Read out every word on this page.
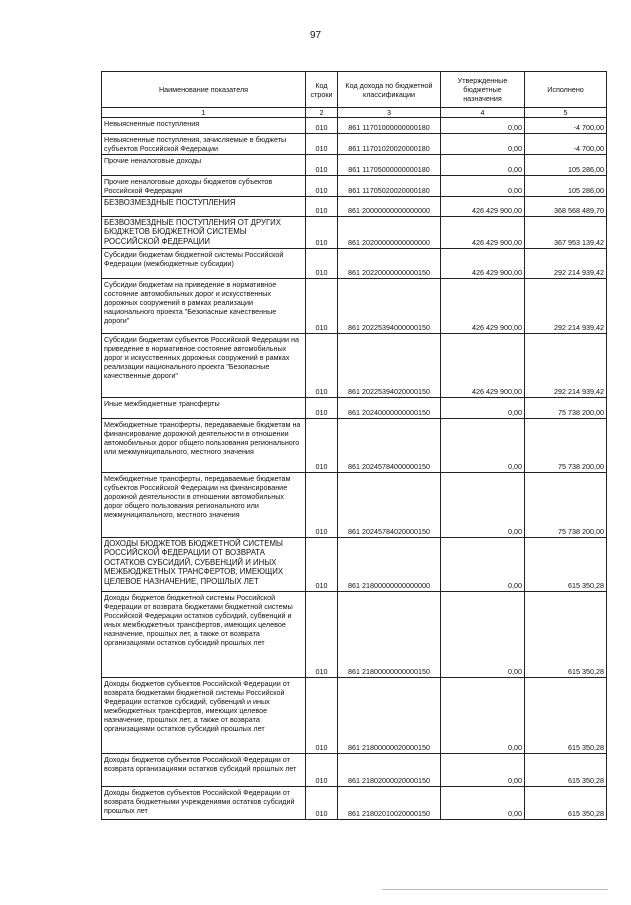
97
Наименование показателя	Код строки	Код дохода по бюджетной классификации	Утвержденные бюджетные назначения	Исполнено
1	2	3	4	5
Невыясненные поступления	010	861 11701000000000180	0,00	-4 700,00
Невыясненные поступления, зачисляемые в бюджеты субъектов Российской Федерации	010	861 11701020020000180	0,00	-4 700,00
Прочие неналоговые доходы	010	861 11705000000000180	0,00	105 286,00
Прочие неналоговые доходы бюджетов субъектов Российской Федерации	010	861 11705020020000180	0,00	105 286,00
БЕЗВОЗМЕЗДНЫЕ ПОСТУПЛЕНИЯ	010	861 20000000000000000	426 429 900,00	368 568 489,70
БЕЗВОЗМЕЗДНЫЕ ПОСТУПЛЕНИЯ ОТ ДРУГИХ БЮДЖЕТОВ БЮДЖЕТНОЙ СИСТЕМЫ РОССИЙСКОЙ ФЕДЕРАЦИИ	010	861 20200000000000000	426 429 900,00	367 953 139,42
Субсидии бюджетам бюджетной системы Российской Федерации (межбюджетные субсидии)	010	861 20220000000000150	426 429 900,00	292 214 939,42
Субсидии бюджетам на приведение в нормативное состояние автомобильных дорог и искусственных дорожных сооружений в рамках реализации национального проекта "Безопасные качественные дороги"	010	861 20225394000000150	426 429 900,00	292 214 939,42
Субсидии бюджетам субъектов Российской Федерации на приведение в нормативное состояние автомобильных дорог и искусственных дорожных сооружений в рамках реализации национального проекта "Безопасные качественные дороги"	010	861 20225394020000150	426 429 900,00	292 214 939,42
Иные межбюджетные трансферты	010	861 20240000000000150	0,00	75 738 200,00
Межбюджетные трансферты, передаваемые бюджетам на финансирование дорожной деятельности в отношении автомобильных дорог общего пользования регионального или межмуниципального, местного значения	010	861 20245784000000150	0,00	75 738 200,00
Межбюджетные трансферты, передаваемые бюджетам субъектов Российской Федерации на финансирование дорожной деятельности в отношении автомобильных дорог общего пользования регионального или межмуниципального, местного значения	010	861 20245784020000150	0,00	75 738 200,00
ДОХОДЫ БЮДЖЕТОВ БЮДЖЕТНОЙ СИСТЕМЫ РОССИЙСКОЙ ФЕДЕРАЦИИ ОТ ВОЗВРАТА ОСТАТКОВ СУБСИДИЙ, СУБВЕНЦИЙ И ИНЫХ МЕЖБЮДЖЕТНЫХ ТРАНСФЕРТОВ, ИМЕЮЩИХ ЦЕЛЕВОЕ НАЗНАЧЕНИЕ, ПРОШЛЫХ ЛЕТ	010	861 21800000000000000	0,00	615 350,28
Доходы бюджетов бюджетной системы Российской Федерации от возврата бюджетами бюджетной системы Российской Федерации остатков субсидий, субвенций и иных межбюджетных трансфертов, имеющих целевое назначение, прошлых лет, а также от возврата организациями остатков субсидий прошлых лет	010	861 21800000000000150	0,00	615 350,28
Доходы бюджетов субъектов Российской Федерации от возврата бюджетами бюджетной системы Российской Федерации остатков субсидий, субвенций и иных межбюджетных трансфертов, имеющих целевое назначение, прошлых лет, а также от возврата организациями остатков субсидий прошлых лет	010	861 21800000020000150	0,00	615 350,28
Доходы бюджетов субъектов Российской Федерации от возврата организациями остатков субсидий прошлых лет	010	861 21802000020000150	0,00	615 350,28
Доходы бюджетов субъектов Российской Федерации от возврата бюджетными учреждениями остатков субсидий прошлых лет	010	861 21802010020000150	0,00	615 350,28
